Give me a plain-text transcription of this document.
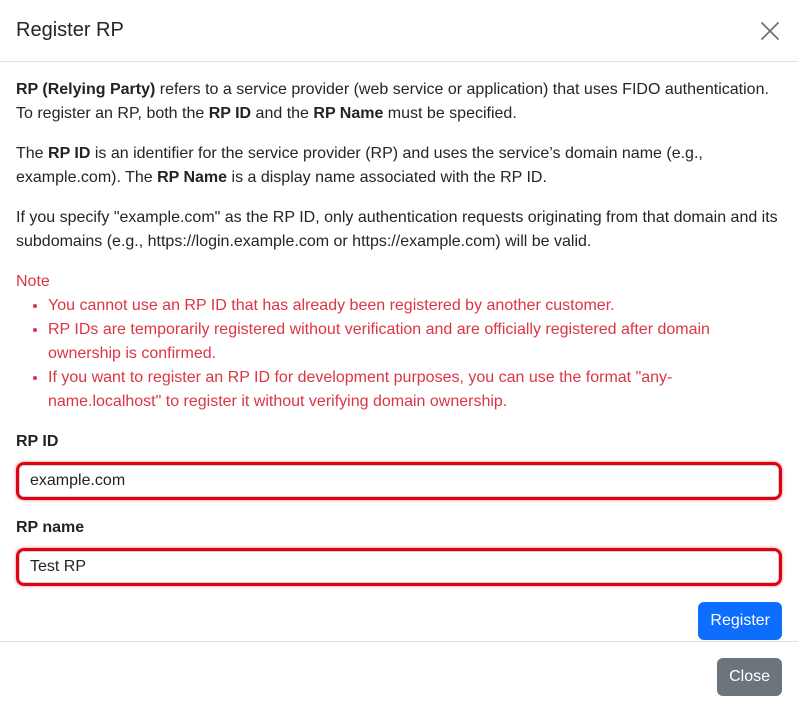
Register RP

RP (Relying Party) refers to a service provider (web service or application) that uses FIDO authentication. To register an RP, both the RP ID and the RP Name must be specified.

The RP ID is an identifier for the service provider (RP) and uses the service’s domain name (e.g., example.com). The RP Name is a display name associated with the RP ID.

If you specify "example.com" as the RP ID, only authentication requests originating from that domain and its subdomains (e.g., https://login.example.com or https://example.com) will be valid.

Note
• You cannot use an RP ID that has already been registered by another customer.
• RP IDs are temporarily registered without verification and are officially registered after domain ownership is confirmed.
• If you want to register an RP ID for development purposes, you can use the format "any-name.localhost" to register it without verifying domain ownership.
RP ID
example.com
RP name
Test RP
Register
Close
